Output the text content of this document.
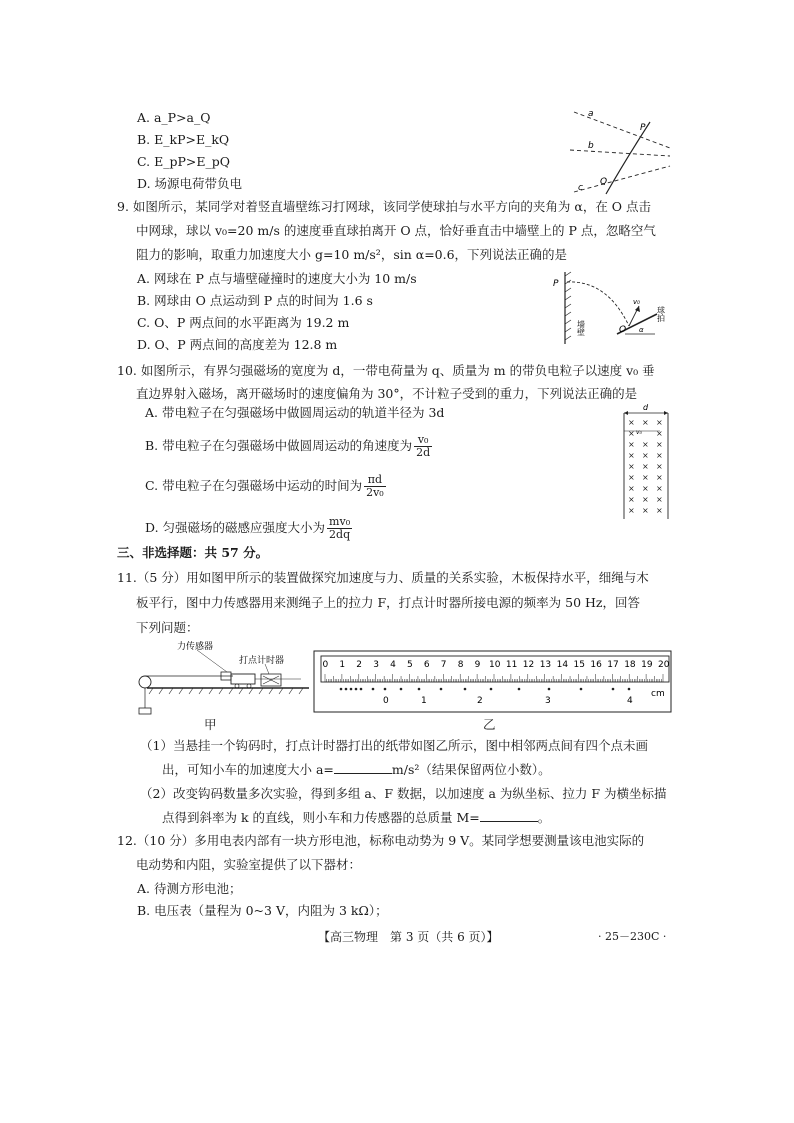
A. a_P>a_Q
B. E_kP>E_kQ
C. E_pP>E_pQ
D. 场源电荷带负电
a
b
c
P
Q
9. 如图所示，某同学对着竖直墙壁练习打网球，该同学使球拍与水平方向的夹角为 α，在 O 点击
中网球，球以 v₀=20 m/s 的速度垂直球拍离开 O 点，恰好垂直击中墙壁上的 P 点，忽略空气
阻力的影响，取重力加速度大小 g=10 m/s²，sin α=0.6，下列说法正确的是
A. 网球在 P 点与墙壁碰撞时的速度大小为 10 m/s
B. 网球由 O 点运动到 P 点的时间为 1.6 s
C. O、P 两点间的水平距离为 19.2 m
D. O、P 两点间的高度差为 12.8 m
P
O
v₀
α
墙壁
球拍
10. 如图所示，有界匀强磁场的宽度为 d，一带电荷量为 q、质量为 m 的带负电粒子以速度 v₀ 垂
直边界射入磁场，离开磁场时的速度偏角为 30°，不计粒子受到的重力，下列说法正确的是
A. 带电粒子在匀强磁场中做圆周运动的轨道半径为 3d
B. 带电粒子在匀强磁场中做圆周运动的角速度为 $\frac{\text{v₀}}{2d}$
C. 带电粒子在匀强磁场中运动的时间为 $\frac{\pi d}{\text{2v₀}}$
D. 匀强磁场的磁感应强度大小为 $\frac{\text{mv₀}}{2dq}$
d
v₀
× × ×
×	×
× × ×
× × ×
× × ×
× × ×
× × ×
× × ×
× × ×
三、非选择题：共 57 分。
11.（5 分）用如图甲所示的装置做探究加速度与力、质量的关系实验，木板保持水平，细绳与木
板平行，图中力传感器用来测绳子上的拉力 F，打点计时器所接电源的频率为 50 Hz，回答
下列问题：
力传感器
打点计时器
甲
0 1 2 3 4 5 6 7 8 9 10 11 12 13 14 15 16 17 18 19 20
cm
0	1	2	3	4
乙
（1）当悬挂一个钩码时，打点计时器打出的纸带如图乙所示，图中相邻两点间有四个点未画
出，可知小车的加速度大小 a=	m/s²（结果保留两位小数）。
（2）改变钩码数量多次实验，得到多组 a、F 数据，以加速度 a 为纵坐标、拉力 F 为横坐标描
点得到斜率为 k 的直线，则小车和力传感器的总质量 M=	。
12.（10 分）多用电表内部有一块方形电池，标称电动势为 9 V。某同学想要测量该电池实际的
电动势和内阻，实验室提供了以下器材：
A. 待测方形电池；
B. 电压表（量程为 0~3 V，内阻为 3 kΩ）；
【高三物理　第 3 页（共 6 页）】	· 25－230C ·
